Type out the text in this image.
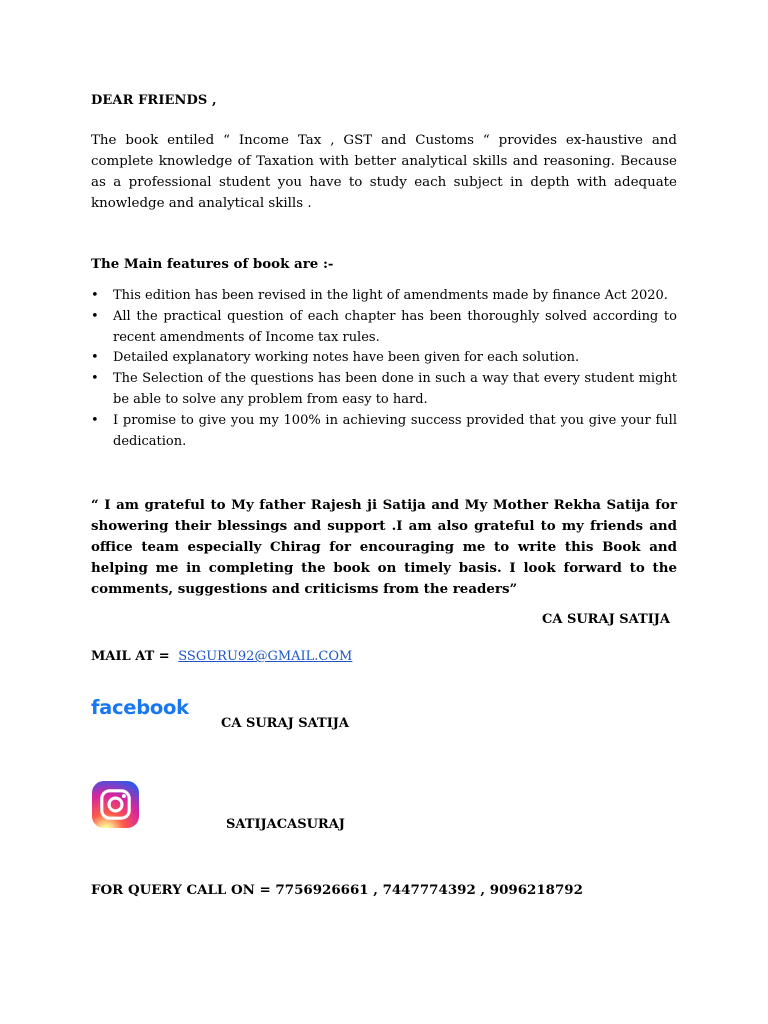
DEAR FRIENDS ,

The book entiled “ Income Tax , GST and Customs “ provides ex-haustive and complete knowledge of Taxation with better analytical skills and reasoning. Because as a professional student you have to study each subject in depth with adequate knowledge and analytical skills .

The Main features of book are :-
• This edition has been revised in the light of amendments made by finance Act 2020.
• All the practical question of each chapter has been thoroughly solved according to recent amendments of Income tax rules.
• Detailed explanatory working notes have been given for each solution.
• The Selection of the questions has been done in such a way that every student might be able to solve any problem from easy to hard.
• I promise to give you my 100% in achieving success provided that you give your full dedication.

“ I am grateful to My father Rajesh ji Satija and My Mother Rekha Satija for showering their blessings and support .I am also grateful to my friends and office team especially Chirag for encouraging me to write this Book and helping me in completing the book on timely basis. I look forward to the comments, suggestions and criticisms from the readers”

CA SURAJ SATIJA
MAIL AT = SSGURU92@GMAIL.COM
facebook
CA SURAJ SATIJA
SATIJACASURAJ
FOR QUERY CALL ON = 7756926661 , 7447774392 , 9096218792
